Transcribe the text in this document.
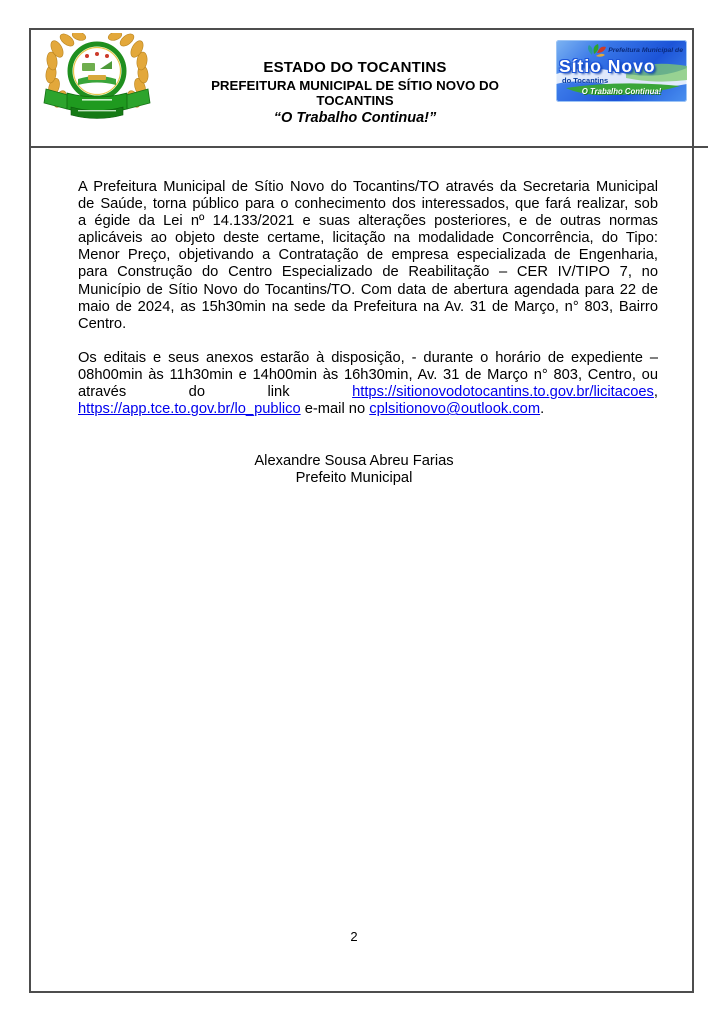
ESTADO DO TOCANTINS
PREFEITURA MUNICIPAL DE SÍTIO NOVO DO
TOCANTINS
“O Trabalho Continua!”
Prefeitura Municipal de
Sítio Novo
do Tocantins
O Trabalho Continua!
A Prefeitura Municipal de Sítio Novo do Tocantins/TO através da Secretaria Municipal
de Saúde, torna público para o conhecimento dos interessados, que fará realizar, sob
a égide da Lei nº 14.133/2021 e suas alterações posteriores, e de outras normas
aplicáveis ao objeto deste certame, licitação na modalidade Concorrência, do Tipo:
Menor Preço, objetivando a Contratação de empresa especializada de Engenharia,
para Construção do Centro Especializado de Reabilitação – CER IV/TIPO 7, no
Município de Sítio Novo do Tocantins/TO. Com data de abertura agendada para 22 de
maio de 2024, as 15h30min na sede da Prefeitura na Av. 31 de Março, n° 803, Bairro
Centro.
Os editais e seus anexos estarão à disposição, - durante o horário de expediente –
08h00min às 11h30min e 14h00min às 16h30min, Av. 31 de Março n° 803, Centro, ou
através do link https://sitionovodotocantins.to.gov.br/licitacoes,
https://app.tce.to.gov.br/lo_publico e-mail no cplsitionovo@outlook.com.
Alexandre Sousa Abreu Farias
Prefeito Municipal
2
